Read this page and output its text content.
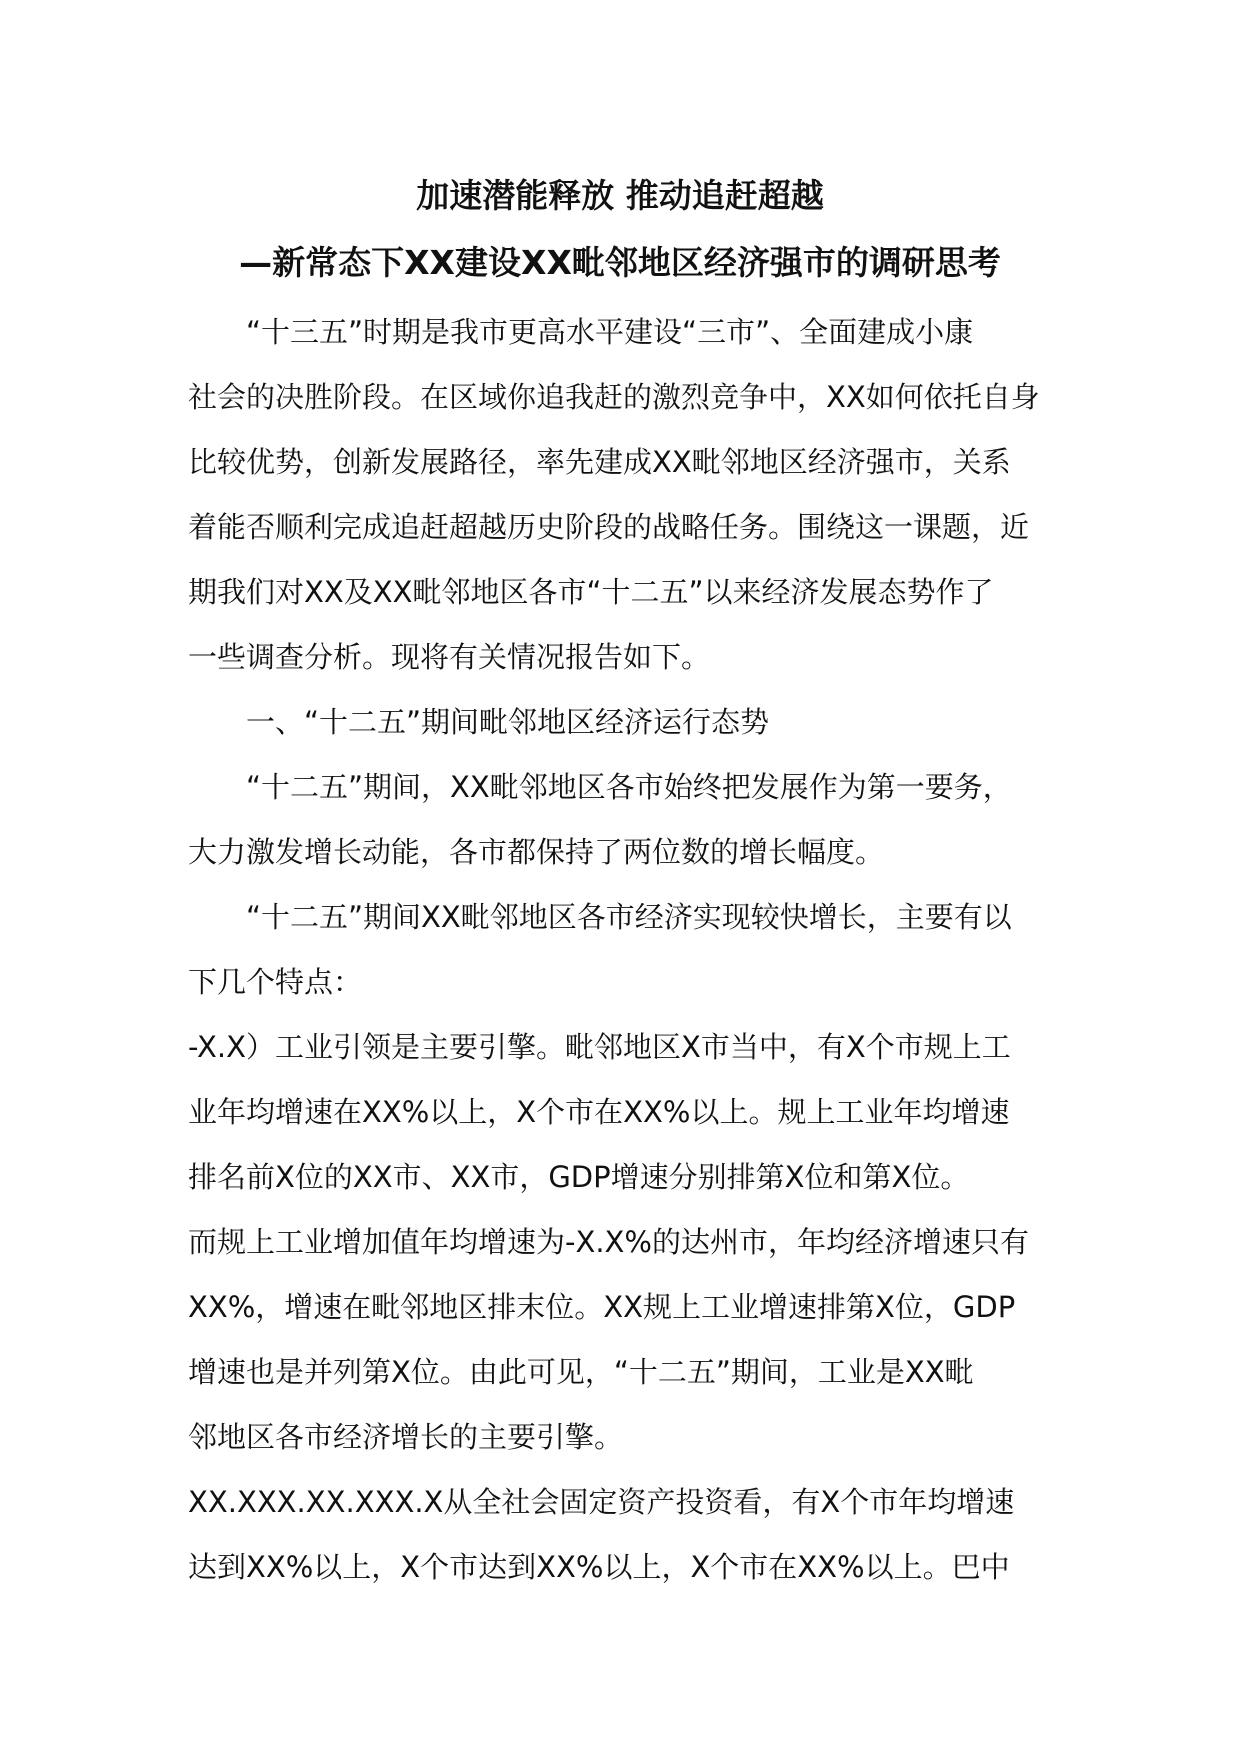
加速潜能释放 推动追赶超越
—新常态下XX建设XX毗邻地区经济强市的调研思考
“十三五”时期是我市更高水平建设“三市”、全面建成小康
社会的决胜阶段。在区域你追我赶的激烈竞争中，XX如何依托自身
比较优势，创新发展路径，率先建成XX毗邻地区经济强市，关系
着能否顺利完成追赶超越历史阶段的战略任务。围绕这一课题，近
期我们对XX及XX毗邻地区各市“十二五”以来经济发展态势作了
一些调查分析。现将有关情况报告如下。
一、“十二五”期间毗邻地区经济运行态势
“十二五”期间，XX毗邻地区各市始终把发展作为第一要务，
大力激发增长动能，各市都保持了两位数的增长幅度。
“十二五”期间XX毗邻地区各市经济实现较快增长，主要有以
下几个特点：
-X.X）工业引领是主要引擎。毗邻地区X市当中，有X个市规上工
业年均增速在XX%以上，X个市在XX%以上。规上工业年均增速
排名前X位的XX市、XX市，GDP增速分别排第X位和第X位。
而规上工业增加值年均增速为-X.X%的达州市，年均经济增速只有
XX%，增速在毗邻地区排末位。XX规上工业增速排第X位，GDP
增速也是并列第X位。由此可见，“十二五”期间，工业是XX毗
邻地区各市经济增长的主要引擎。
XX.XXX.XX.XXX.X从全社会固定资产投资看，有X个市年均增速
达到XX%以上，X个市达到XX%以上，X个市在XX%以上。巴中
